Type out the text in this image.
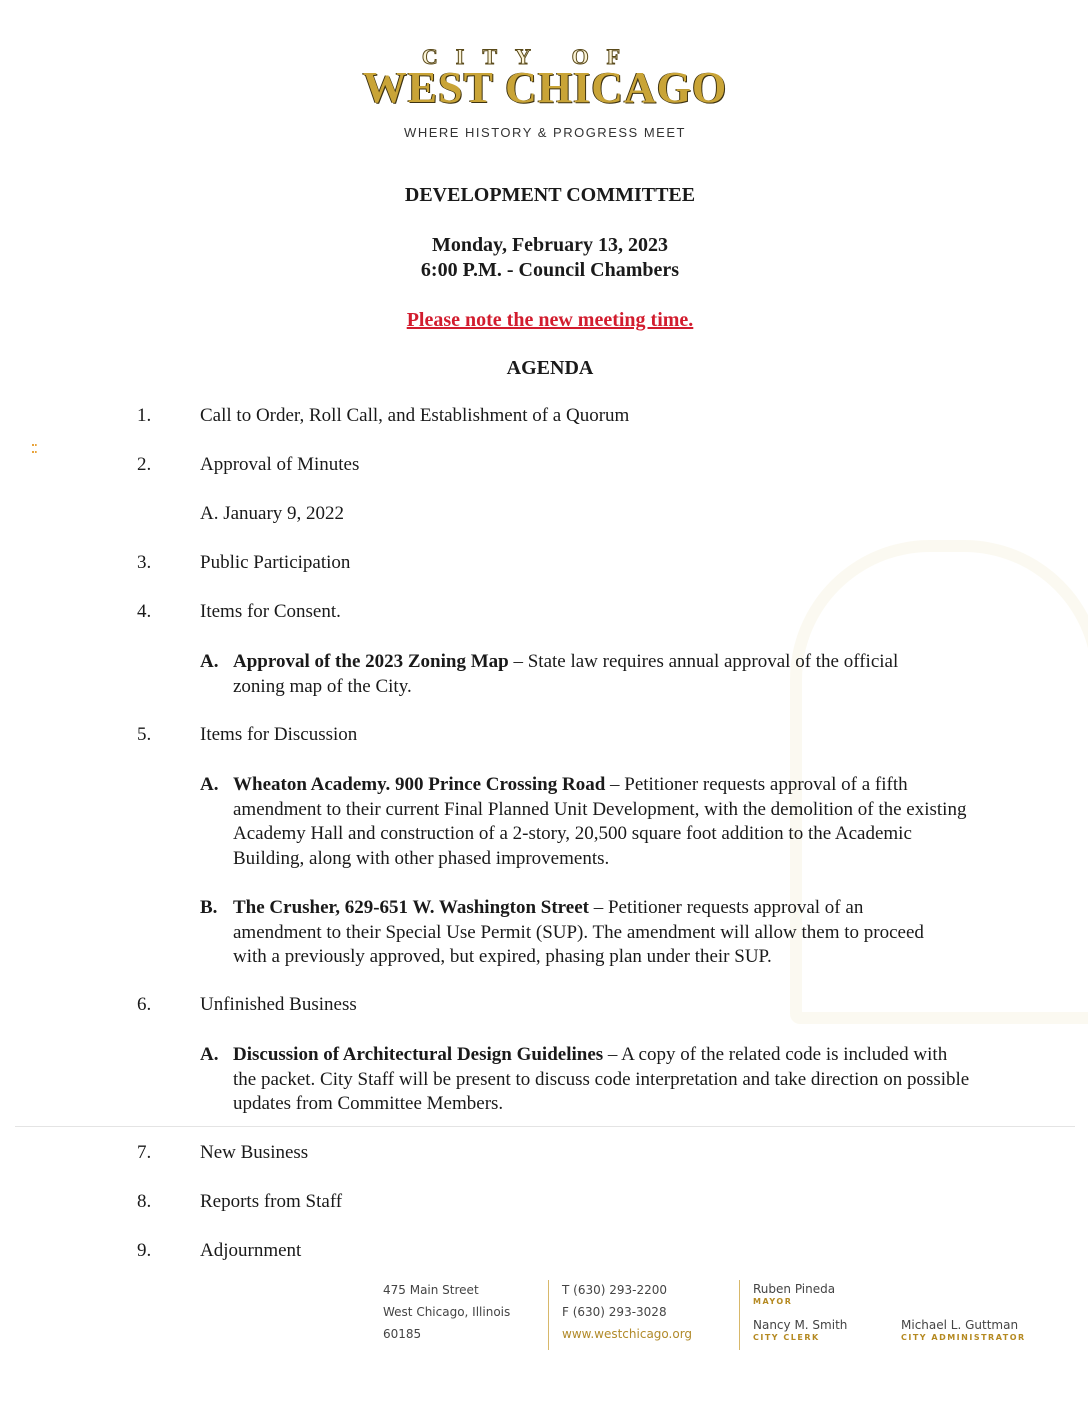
CITY OF
WEST CHICAGO
WHERE HISTORY & PROGRESS MEET
DEVELOPMENT COMMITTEE
Monday, February 13, 2023
6:00 P.M. - Council Chambers
Please note the new meeting time.
AGENDA
1.	Call to Order, Roll Call, and Establishment of a Quorum
2.	Approval of Minutes
A. January 9, 2022
3.	Public Participation
4.	Items for Consent.
A. Approval of the 2023 Zoning Map – State law requires annual approval of the official zoning map of the City.
5.	Items for Discussion
A. Wheaton Academy. 900 Prince Crossing Road – Petitioner requests approval of a fifth amendment to their current Final Planned Unit Development, with the demolition of the existing Academy Hall and construction of a 2-story, 20,500 square foot addition to the Academic Building, along with other phased improvements.
B. The Crusher, 629-651 W. Washington Street – Petitioner requests approval of an amendment to their Special Use Permit (SUP). The amendment will allow them to proceed with a previously approved, but expired, phasing plan under their SUP.
6.	Unfinished Business
A. Discussion of Architectural Design Guidelines – A copy of the related code is included with the packet. City Staff will be present to discuss code interpretation and take direction on possible updates from Committee Members.
7.	New Business
8.	Reports from Staff
9.	Adjournment
475 Main Street
West Chicago, Illinois
60185
T (630) 293-2200
F (630) 293-3028
www.westchicago.org
Ruben Pineda
MAYOR
Nancy M. Smith
CITY CLERK
Michael L. Guttman
CITY ADMINISTRATOR
